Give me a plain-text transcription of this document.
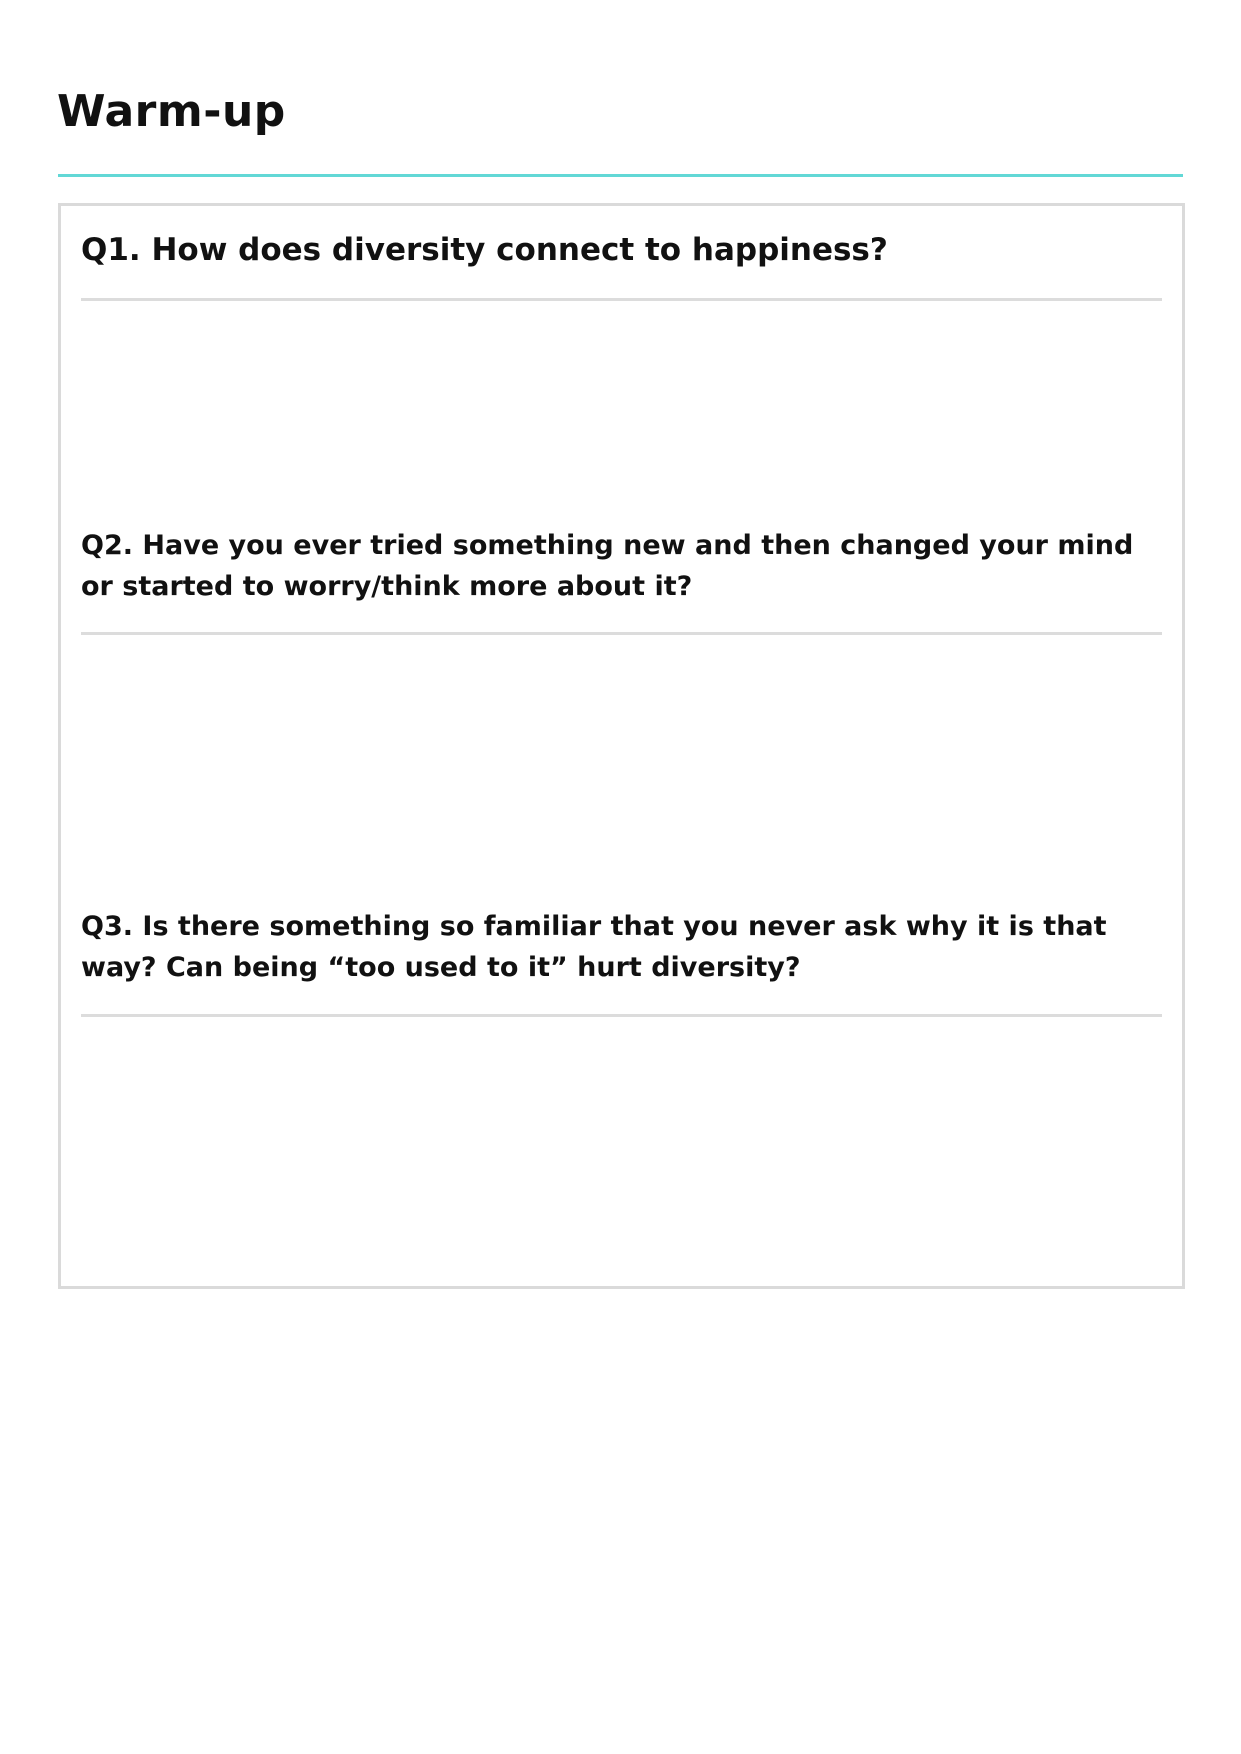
Warm-up

Q1. How does diversity connect to happiness?

Q2. Have you ever tried something new and then changed your mind or started to worry/think more about it?

Q3. Is there something so familiar that you never ask why it is that way? Can being “too used to it” hurt diversity?
